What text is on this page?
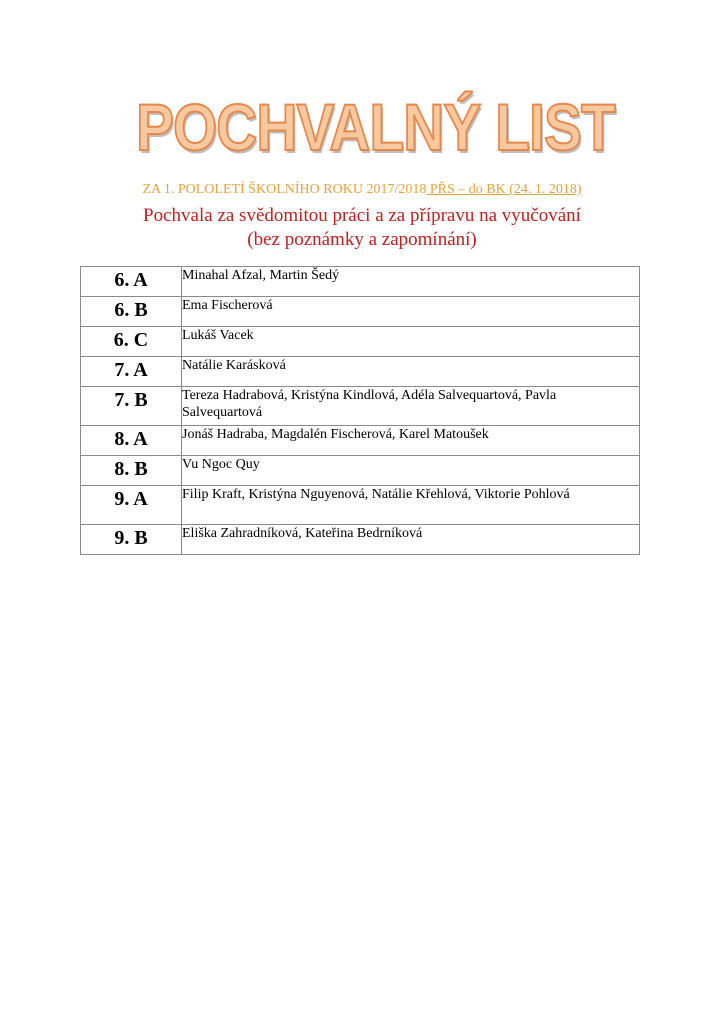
POCHVALNÝ LIST
ZA 1. POLOLETÍ ŠKOLNÍHO ROKU 2017/2018 PŘS – do BK (24. 1. 2018)
Pochvala za svědomitou práci a za přípravu na vyučování
(bez poznámky a zapomínání)
6. A	Minahal Afzal, Martin Šedý
6. B	Ema Fischerová
6. C	Lukáš Vacek
7. A	Natálie Karásková
7. B	Tereza Hadrabová, Kristýna Kindlová, Adéla Salvequartová, Pavla Salvequartová
8. A	Jonáš Hadraba, Magdalén Fischerová, Karel Matoušek
8. B	Vu Ngoc Quy
9. A	Filip Kraft, Kristýna Nguyenová, Natálie Křehlová, Viktorie Pohlová
9. B	Eliška Zahradníková, Kateřina Bedrníková
